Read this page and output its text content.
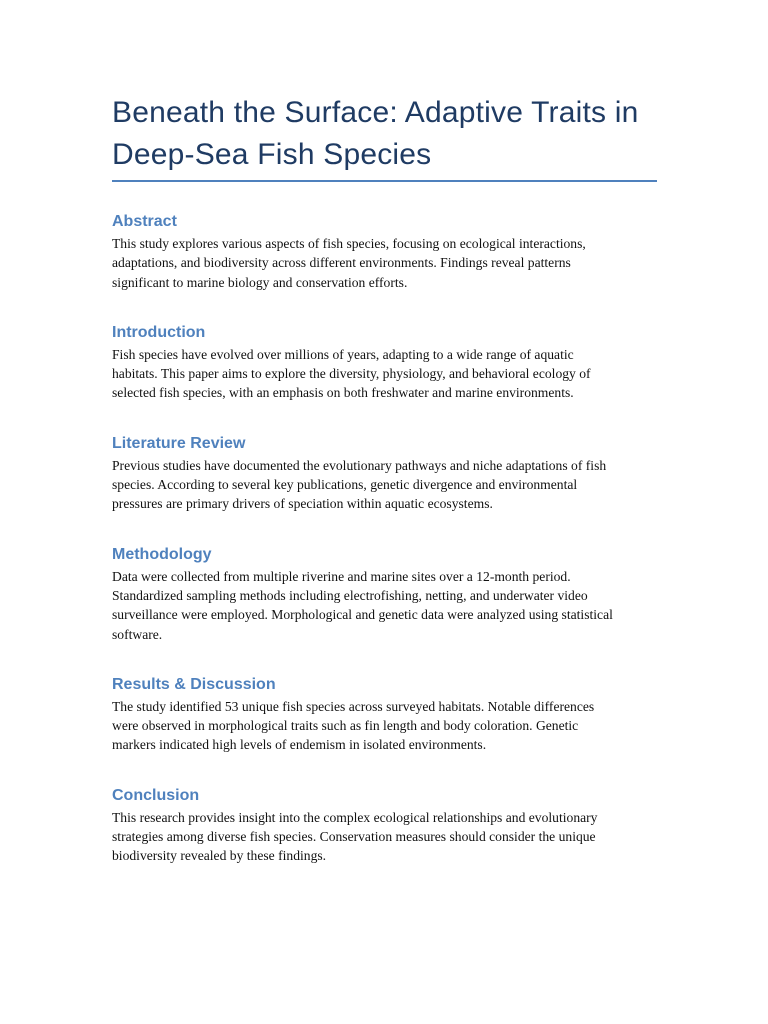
Beneath the Surface: Adaptive Traits in
Deep-Sea Fish Species
Abstract

This study explores various aspects of fish species, focusing on ecological interactions,
adaptations, and biodiversity across different environments. Findings reveal patterns
significant to marine biology and conservation efforts.

Introduction

Fish species have evolved over millions of years, adapting to a wide range of aquatic
habitats. This paper aims to explore the diversity, physiology, and behavioral ecology of
selected fish species, with an emphasis on both freshwater and marine environments.

Literature Review

Previous studies have documented the evolutionary pathways and niche adaptations of fish
species. According to several key publications, genetic divergence and environmental
pressures are primary drivers of speciation within aquatic ecosystems.

Methodology

Data were collected from multiple riverine and marine sites over a 12-month period.
Standardized sampling methods including electrofishing, netting, and underwater video
surveillance were employed. Morphological and genetic data were analyzed using statistical
software.

Results & Discussion

The study identified 53 unique fish species across surveyed habitats. Notable differences
were observed in morphological traits such as fin length and body coloration. Genetic
markers indicated high levels of endemism in isolated environments.

Conclusion

This research provides insight into the complex ecological relationships and evolutionary
strategies among diverse fish species. Conservation measures should consider the unique
biodiversity revealed by these findings.
